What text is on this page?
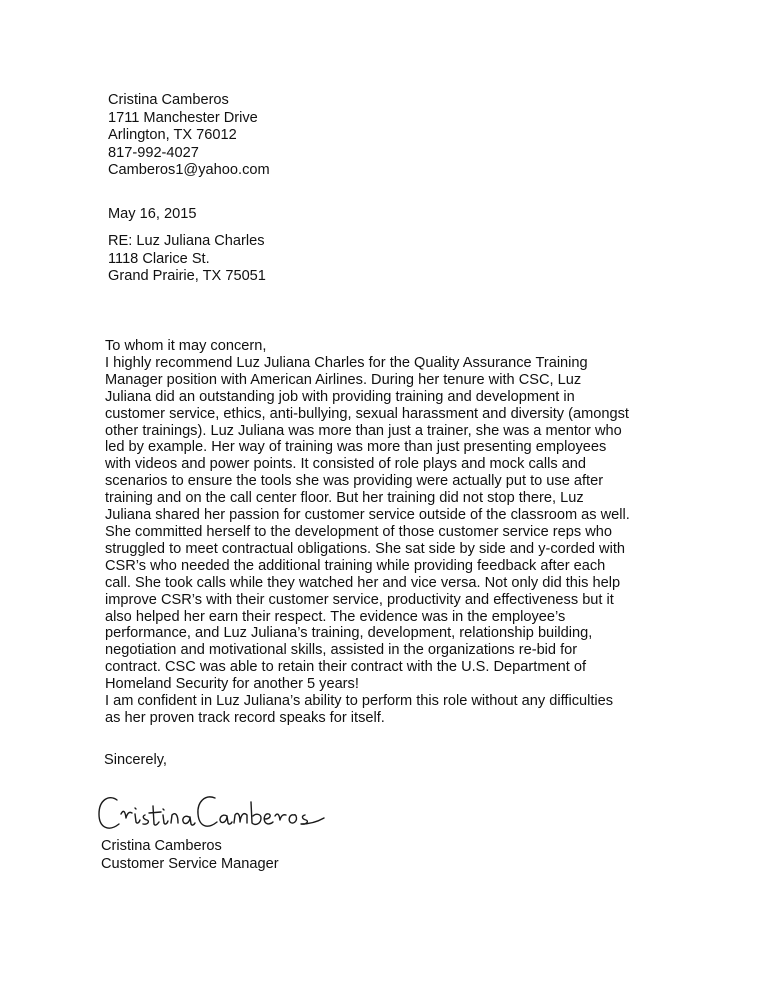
Cristina Camberos
1711 Manchester Drive
Arlington, TX 76012
817-992-4027
Camberos1@yahoo.com
May 16, 2015
RE: Luz Juliana Charles
1118 Clarice St.
Grand Prairie, TX 75051
To whom it may concern,
I highly recommend Luz Juliana Charles for the Quality Assurance Training
Manager position with American Airlines. During her tenure with CSC, Luz
Juliana did an outstanding job with providing training and development in
customer service, ethics, anti-bullying, sexual harassment and diversity (amongst
other trainings). Luz Juliana was more than just a trainer, she was a mentor who
led by example. Her way of training was more than just presenting employees
with videos and power points. It consisted of role plays and mock calls and
scenarios to ensure the tools she was providing were actually put to use after
training and on the call center floor. But her training did not stop there, Luz
Juliana shared her passion for customer service outside of the classroom as well.
She committed herself to the development of those customer service reps who
struggled to meet contractual obligations. She sat side by side and y-corded with
CSR’s who needed the additional training while providing feedback after each
call. She took calls while they watched her and vice versa. Not only did this help
improve CSR’s with their customer service, productivity and effectiveness but it
also helped her earn their respect. The evidence was in the employee’s
performance, and Luz Juliana’s training, development, relationship building,
negotiation and motivational skills, assisted in the organizations re-bid for
contract. CSC was able to retain their contract with the U.S. Department of
Homeland Security for another 5 years!
I am confident in Luz Juliana’s ability to perform this role without any difficulties
as her proven track record speaks for itself.
Sincerely,
Cristina Camberos
Customer Service Manager
